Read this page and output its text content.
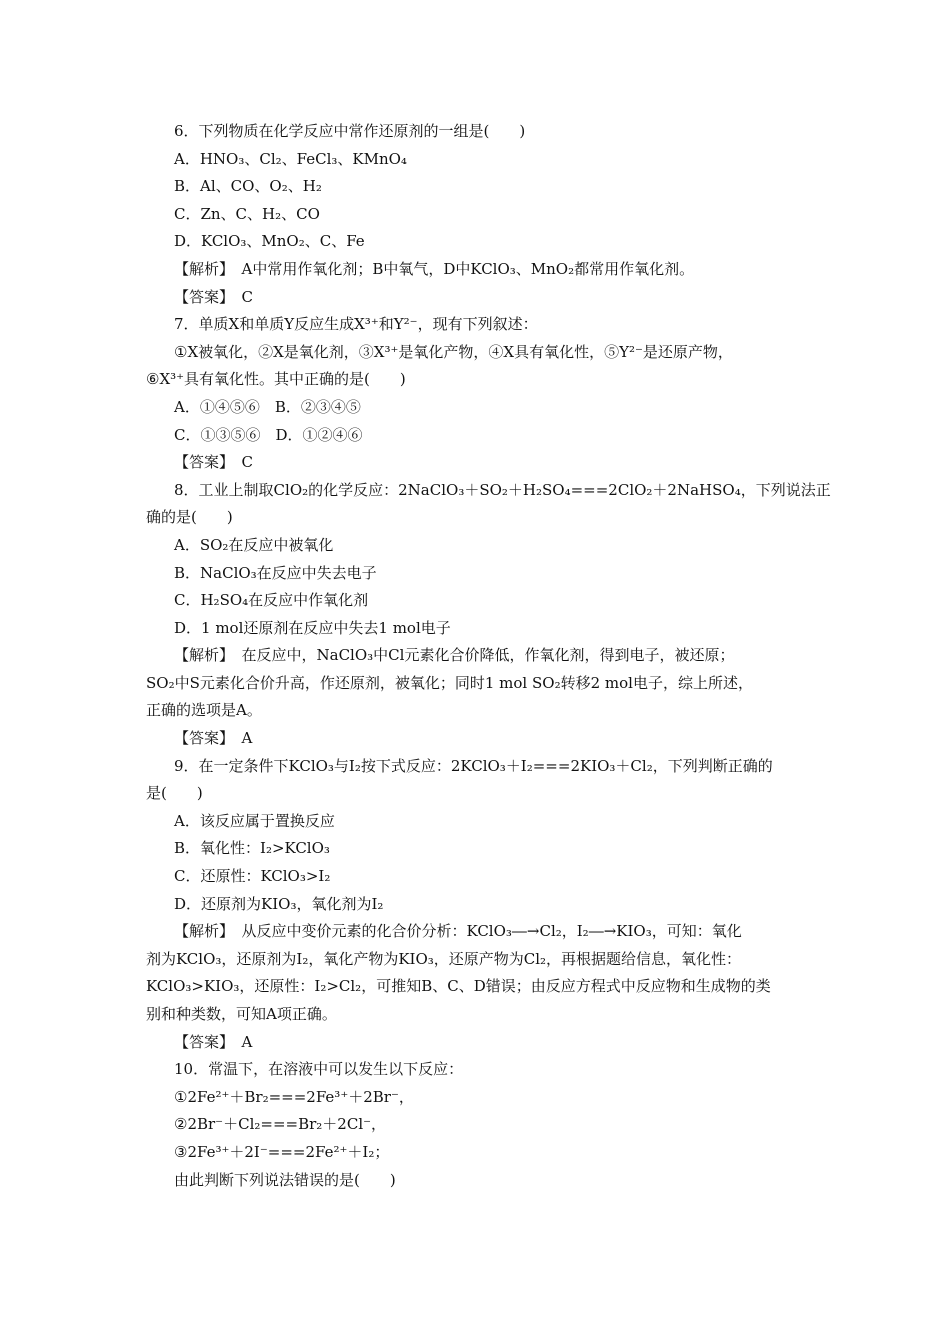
6．下列物质在化学反应中常作还原剂的一组是(　　)
A．HNO₃、Cl₂、FeCl₃、KMnO₄
B．Al、CO、O₂、H₂
C．Zn、C、H₂、CO
D．KClO₃、MnO₂、C、Fe
【解析】　A中常用作氧化剂；B中氧气，D中KClO₃、MnO₂都常用作氧化剂。
【答案】　C
7．单质X和单质Y反应生成X³⁺和Y²⁻，现有下列叙述：
①X被氧化，②X是氧化剂，③X³⁺是氧化产物，④X具有氧化性，⑤Y²⁻是还原产物，
⑥X³⁺具有氧化性。其中正确的是(　　)
A．①④⑤⑥　B．②③④⑤
C．①③⑤⑥　D．①②④⑥
【答案】　C
8．工业上制取ClO₂的化学反应：2NaClO₃＋SO₂＋H₂SO₄===2ClO₂＋2NaHSO₄，下列说法正
确的是(　　)
A．SO₂在反应中被氧化
B．NaClO₃在反应中失去电子
C．H₂SO₄在反应中作氧化剂
D．1 mol还原剂在反应中失去1 mol电子
【解析】　在反应中，NaClO₃中Cl元素化合价降低，作氧化剂，得到电子，被还原；
SO₂中S元素化合价升高，作还原剂，被氧化；同时1 mol SO₂转移2 mol电子，综上所述，
正确的选项是A。
【答案】　A
9．在一定条件下KClO₃与I₂按下式反应：2KClO₃＋I₂===2KIO₃＋Cl₂，下列判断正确的
是(　　)
A．该反应属于置换反应
B．氧化性：I₂>KClO₃
C．还原性：KClO₃>I₂
D．还原剂为KIO₃，氧化剂为I₂
【解析】　从反应中变价元素的化合价分析：KClO₃―→Cl₂，I₂―→KIO₃，可知：氧化
剂为KClO₃，还原剂为I₂，氧化产物为KIO₃，还原产物为Cl₂，再根据题给信息，氧化性：
KClO₃>KIO₃，还原性：I₂>Cl₂，可推知B、C、D错误；由反应方程式中反应物和生成物的类
别和种类数，可知A项正确。
【答案】　A
10．常温下，在溶液中可以发生以下反应：
①2Fe²⁺＋Br₂===2Fe³⁺＋2Br⁻，
②2Br⁻＋Cl₂===Br₂＋2Cl⁻，
③2Fe³⁺＋2I⁻===2Fe²⁺＋I₂；
由此判断下列说法错误的是(　　)
